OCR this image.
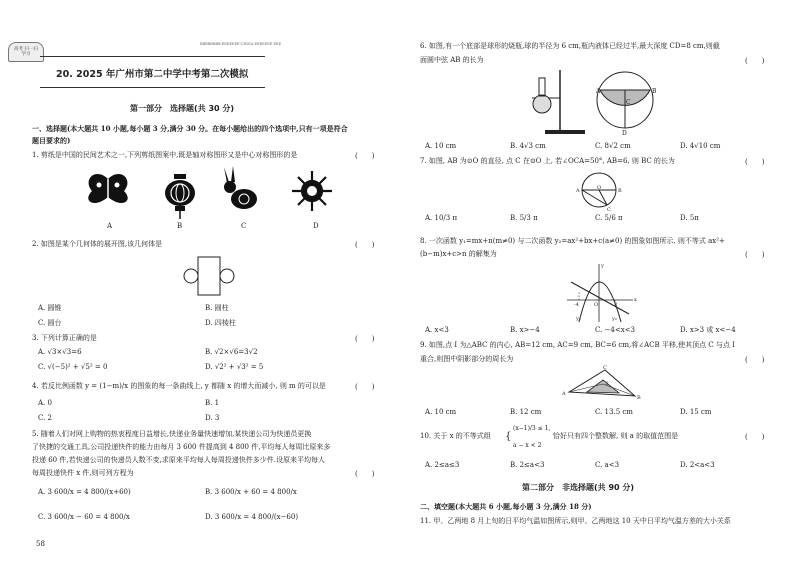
高考 扫一扫 学习
BBBBBBBB·EEEEEEE·CHINA·EEEEEEE·EEE
20. 2025 年广州市第二中学中考第二次模拟
第一部分　选择题(共 30 分)
一、选择题(本大题共 10 小题,每小题 3 分,满分 30 分。在每小题给出的四个选项中,只有一项是符合
题目要求的)
1. 剪纸是中国的民间艺术之一,下列剪纸图案中,既是轴对称图形又是中心对称图形的是	(　　)
A	B	C	D
2. 如图是某个几何体的展开图,该几何体是	(　　)
A. 圆锥	B. 圆柱
C. 圆台	D. 四棱柱
3. 下列计算正确的是	(　　)
A. √3×√3=6	B. √2×√6=3√2
C. √(−5)² + √5² = 0	D. √2² + √3² = 5
4. 若反比例函数 y = (1−m)/x 的图象的每一条曲线上, y 都随 x 的增大而减小, 则 m 的可以是	(　　)
A. 0	B. 1
C. 2	D. 3
5. 随着人们对网上购物的热衷程度日益增长,快递业务量快速增加,某快递公司为快递员更换
了快捷的交通工具,公司投递快件的能力由每月 3 600 件提高到 4 800 件,平均每人每周比原来多
投递 60 件,若快递公司的快递员人数不变,求原来平均每人每周投递快件多少件.设原来平均每人
每周投递快件 x 件,则可列方程为	(　　)
A. 3 600/x = 4 800/(x+60)	B. 3 600/x + 60 = 4 800/x
C. 3 600/x − 60 = 4 800/x	D. 3 600/x = 4 800/(x−60)
58
6. 如图,有一个底部是球形的烧瓶,球的半径为 6 cm,瓶内液体已经过半,最大深度 CD=8 cm,则截
面圆中弦 AB 的长为	(　　)
A	B
C
D
A. 10 cm	B. 4√3 cm	C. 8√2 cm	D. 4√10 cm
7. 如图, AB 为⊙O 的直径, 点 C 在⊙O 上, 若∠OCA=50°, AB=6, 则 BC 的长为	(　　)
O
A	B
C
A. 10/3 π	B. 5/3 π	C. 5/6 π	D. 5π
8. 一次函数 y₁=mx+n(m≠0) 与二次函数 y₂=ax²+bx+c(a≠0) 的图象如图所示, 则不等式 ax²+
(b−m)x+c>n 的解集为	(　　)
y
x
O
-4	3
y₁	y₂
A. x<3	B. x>−4	C. −4<x<3	D. x>3 或 x<−4
9. 如图,点 I 为△ABC 的内心, AB=12 cm, AC=9 cm, BC=6 cm,将∠ACB 平移,使其顶点 C 与点 I
重合,则图中阴影部分的周长为	(　　)
A
B
C
I
A. 10 cm	B. 12 cm	C. 13.5 cm	D. 15 cm
10. 关于 x 的不等式组 {
(x−1)/3 ≤ 1,
a − x < 2
恰好只有四个整数解, 则 a 的取值范围是	(　　)
A. 2≤a≤3	B. 2≤a<3	C. a<3	D. 2<a<3
第二部分　非选择题(共 90 分)
二、填空题(本大题共 6 小题,每小题 3 分,满分 18 分)
11. 甲、乙两地 8 月上旬的日平均气温如图所示,则甲、乙两地这 10 天中日平均气温方差的大小关系
